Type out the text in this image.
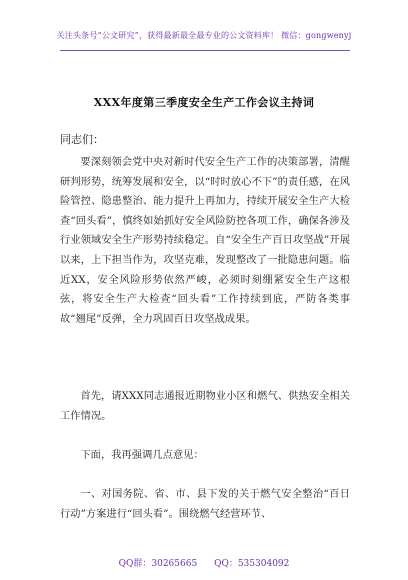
关注头条号“公文研究”，获得最新最全最专业的公文资料库！ 微信：gongwenyj
XXX年度第三季度安全生产工作会议主持词
同志们：
要深刻领会党中央对新时代安全生产工作的决策部署，清醒研判形势，统筹发展和安全，以“时时放心不下”的责任感，在风险管控、隐患整治、能力提升上再加力，持续开展安全生产大检查“回头看”，慎终如始抓好安全风险防控各项工作，确保各涉及行业领域安全生产形势持续稳定。自“安全生产百日攻坚战”开展以来，上下担当作为，攻坚克难，发现整改了一批隐患问题。临近XX，安全风险形势依然严峻，必须时刻绷紧安全生产这根弦，将安全生产大检查“回头看”工作持续到底，严防各类事故“翘尾”反弹，全力巩固百日攻坚战成果。
首先，请XXX同志通报近期物业小区和燃气、供热安全相关工作情况。
下面，我再强调几点意见：
一、对国务院、省、市、县下发的关于燃气安全整治“百日行动”方案进行“回头看”。围绕燃气经营环节、
QQ群：30265665 QQ：535304092
